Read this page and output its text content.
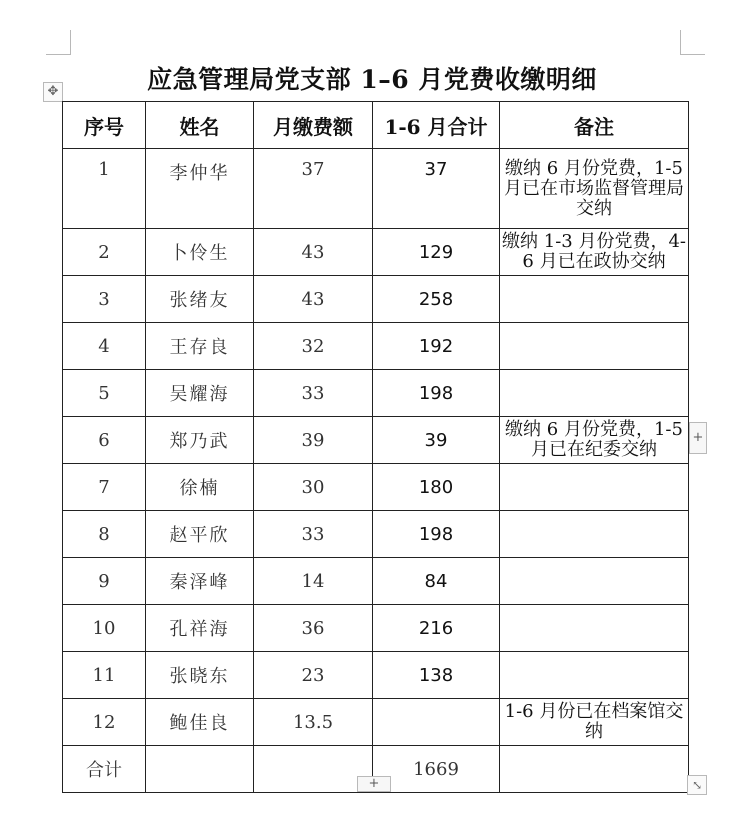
✥	应急管理局党支部 1–6 月党费收缴明细
序号	姓名	月缴费额	1-6 月合计	备注
1	李仲华	37	37	缴纳 6 月份党费，1-5 月已在市场监督管理局交纳
2	卜伶生	43	129	缴纳 1-3 月份党费，4-6 月已在政协交纳
3	张绪友	43	258	
4	王存良	32	192	
5	吴耀海	33	198	
6	郑乃武	39	39	缴纳 6 月份党费，1-5 月已在纪委交纳
7	徐楠	30	180	
8	赵平欣	33	198	
9	秦泽峰	14	84	
10	孔祥海	36	216	
11	张晓东	23	138	
12	鲍佳良	13.5		1-6 月份已在档案馆交纳
合计			1669	
+
+	⤡
